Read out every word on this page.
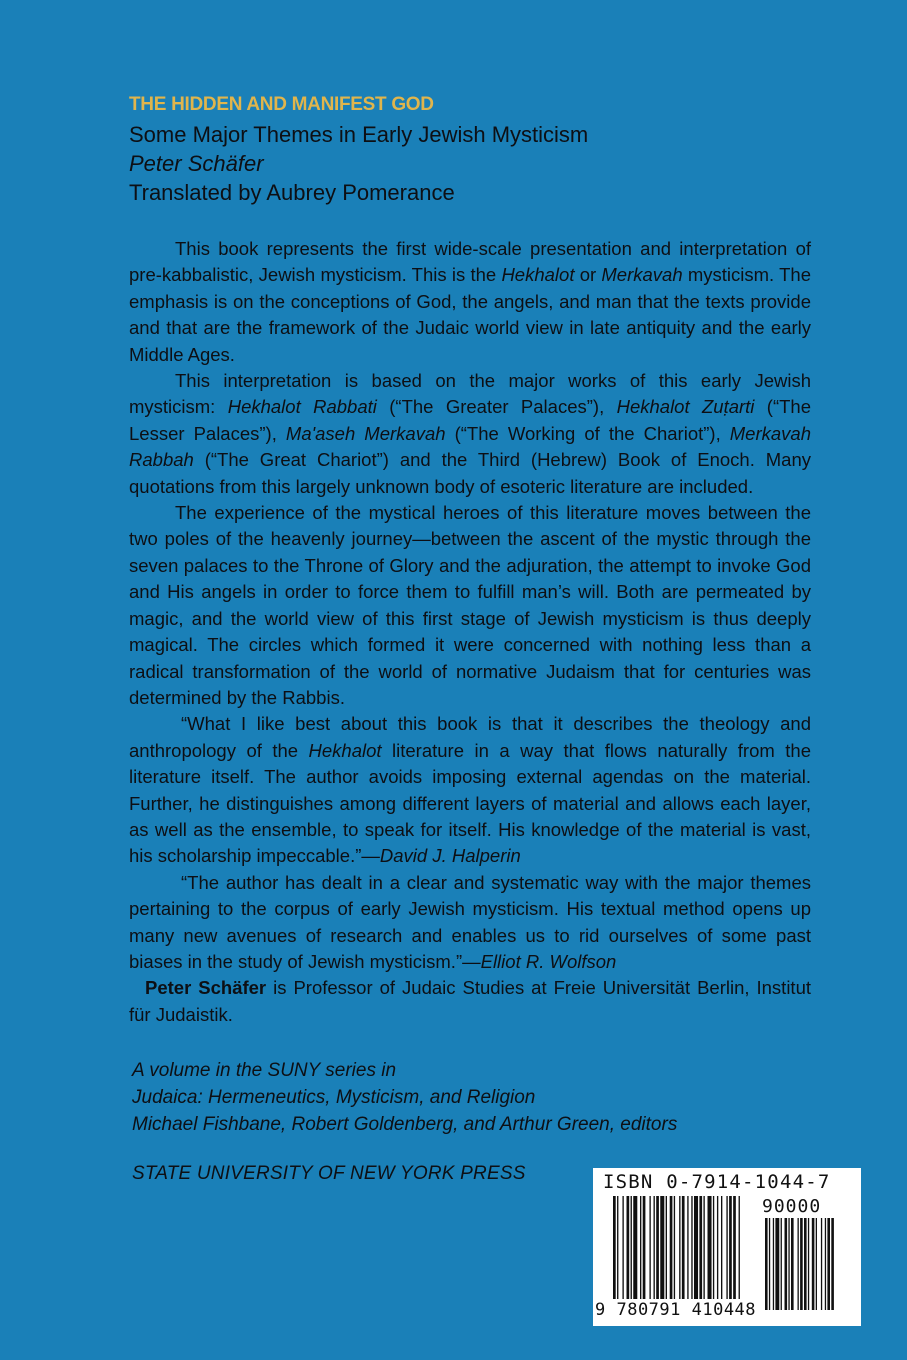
THE HIDDEN AND MANIFEST GOD
Some Major Themes in Early Jewish Mysticism
Peter Schäfer
Translated by Aubrey Pomerance

This book represents the first wide-scale presentation and interpretation of pre-kabbalistic, Jewish mysticism. This is the Hekhalot or Merkavah mysticism. The emphasis is on the conceptions of God, the angels, and man that the texts provide and that are the framework of the Judaic world view in late antiquity and the early Middle Ages.

This interpretation is based on the major works of this early Jewish mysticism: Hekhalot Rabbati (“The Greater Palaces”), Hekhalot Zuṭarti (“The Lesser Palaces”), Ma'aseh Merkavah (“The Working of the Chariot”), Merkavah Rabbah (“The Great Chariot”) and the Third (Hebrew) Book of Enoch. Many quotations from this largely unknown body of esoteric literature are included.

The experience of the mystical heroes of this literature moves between the two poles of the heavenly journey—between the ascent of the mystic through the seven palaces to the Throne of Glory and the adjuration, the attempt to invoke God and His angels in order to force them to fulfill man’s will. Both are permeated by magic, and the world view of this first stage of Jewish mysticism is thus deeply magical. The circles which formed it were concerned with nothing less than a radical transformation of the world of normative Judaism that for centuries was determined by the Rabbis.

“What I like best about this book is that it describes the theology and anthropology of the Hekhalot literature in a way that flows naturally from the literature itself. The author avoids imposing external agendas on the material. Further, he distinguishes among different layers of material and allows each layer, as well as the ensemble, to speak for itself. His knowledge of the material is vast, his scholarship impeccable.”—David J. Halperin

“The author has dealt in a clear and systematic way with the major themes pertaining to the corpus of early Jewish mysticism. His textual method opens up many new avenues of research and enables us to rid ourselves of some past biases in the study of Jewish mysticism.”—Elliot R. Wolfson

Peter Schäfer is Professor of Judaic Studies at Freie Universität Berlin, Institut für Judaistik.

A volume in the SUNY series in
Judaica: Hermeneutics, Mysticism, and Religion
Michael Fishbane, Robert Goldenberg, and Arthur Green, editors
STATE UNIVERSITY OF NEW YORK PRESS	ISBN 0-7914-1044-7
90000
9 780791 410448
